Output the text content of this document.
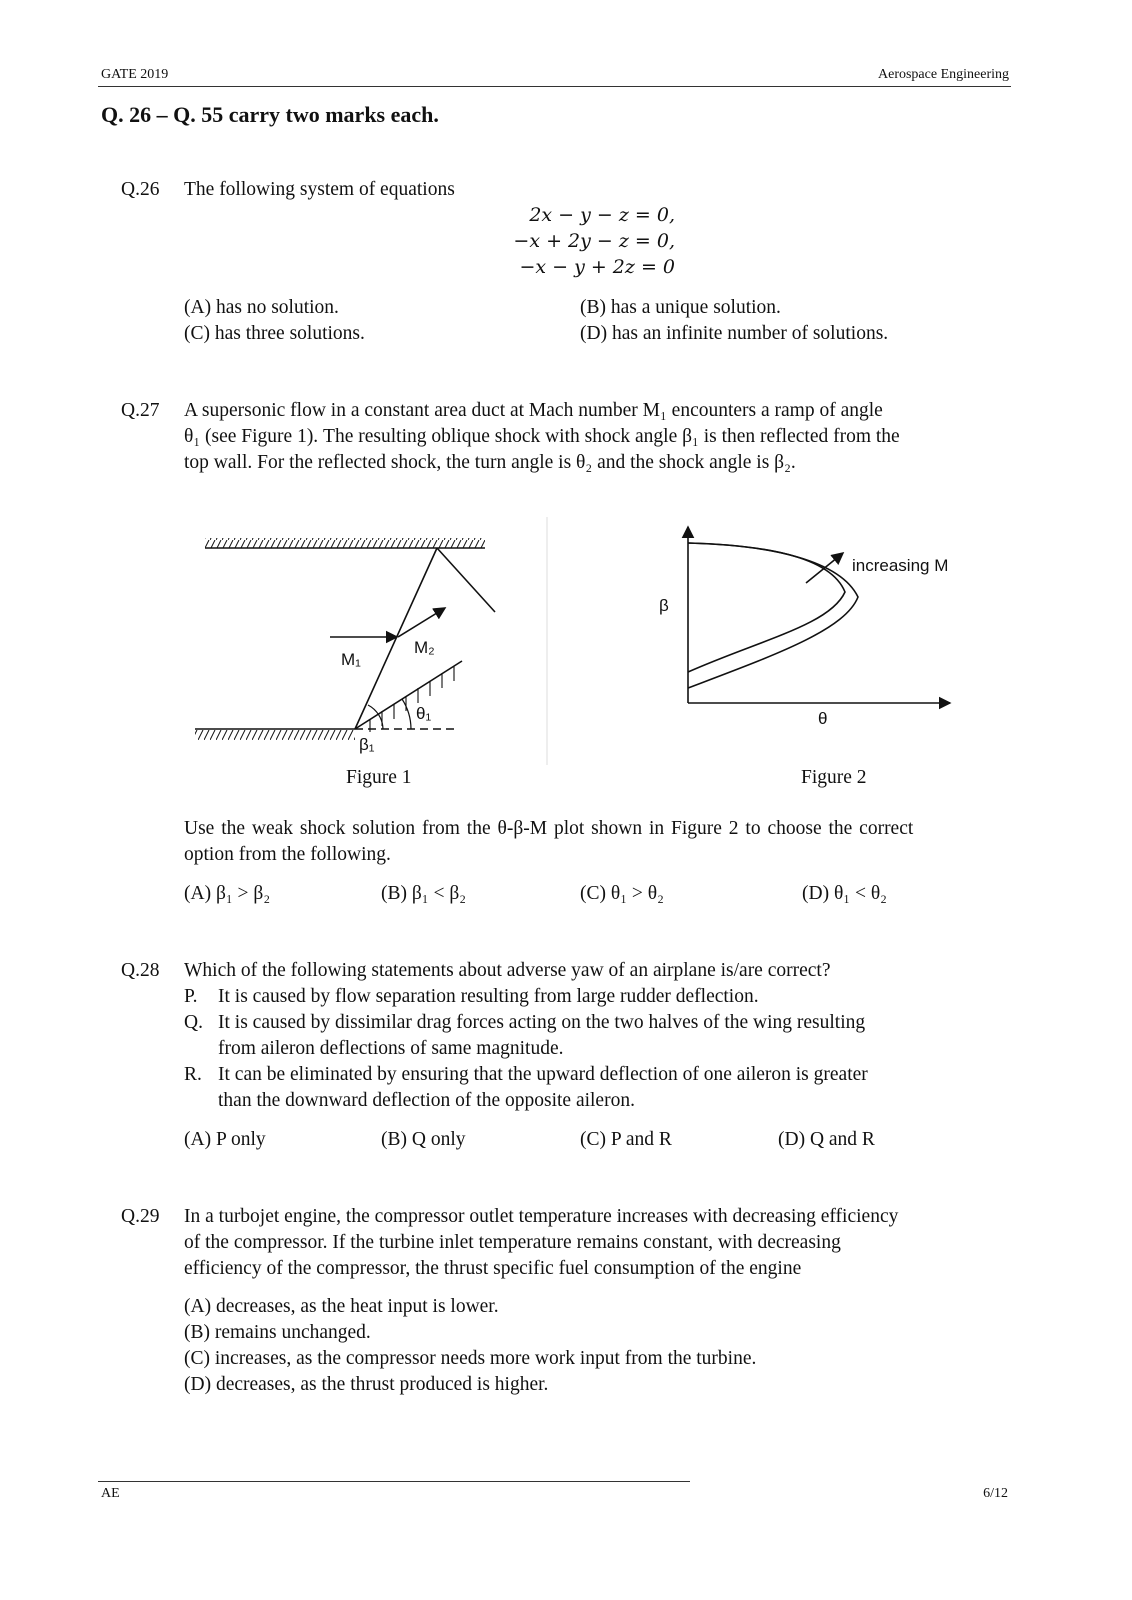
GATE 2019	Aerospace Engineering
Q. 26 – Q. 55 carry two marks each.
Q.26 The following system of equations
2x − y − z = 0,
−x + 2y − z = 0,
−x − y + 2z = 0
(A) has no solution.	(B) has a unique solution.
(C) has three solutions.	(D) has an infinite number of solutions.
Q.27 A supersonic flow in a constant area duct at Mach number M₁ encounters a ramp of angle
θ₁ (see Figure 1). The resulting oblique shock with shock angle β₁ is then reflected from the
top wall. For the reflected shock, the turn angle is θ₂ and the shock angle is β₂.
M₁
M₂
θ₁
β₁
Figure 1
β
θ
increasing M
Figure 2
Use the weak shock solution from the θ-β-M plot shown in Figure 2 to choose the correct
option from the following.
(A) β₁ > β₂	(B) β₁ < β₂	(C) θ₁ > θ₂	(D) θ₁ < θ₂
Q.28 Which of the following statements about adverse yaw of an airplane is/are correct?
P. It is caused by flow separation resulting from large rudder deflection.
Q. It is caused by dissimilar drag forces acting on the two halves of the wing resulting
from aileron deflections of same magnitude.
R. It can be eliminated by ensuring that the upward deflection of one aileron is greater
than the downward deflection of the opposite aileron.
(A) P only	(B) Q only	(C) P and R	(D) Q and R
Q.29 In a turbojet engine, the compressor outlet temperature increases with decreasing efficiency
of the compressor. If the turbine inlet temperature remains constant, with decreasing
efficiency of the compressor, the thrust specific fuel consumption of the engine
(A) decreases, as the heat input is lower.
(B) remains unchanged.
(C) increases, as the compressor needs more work input from the turbine.
(D) decreases, as the thrust produced is higher.
AE	6/12
